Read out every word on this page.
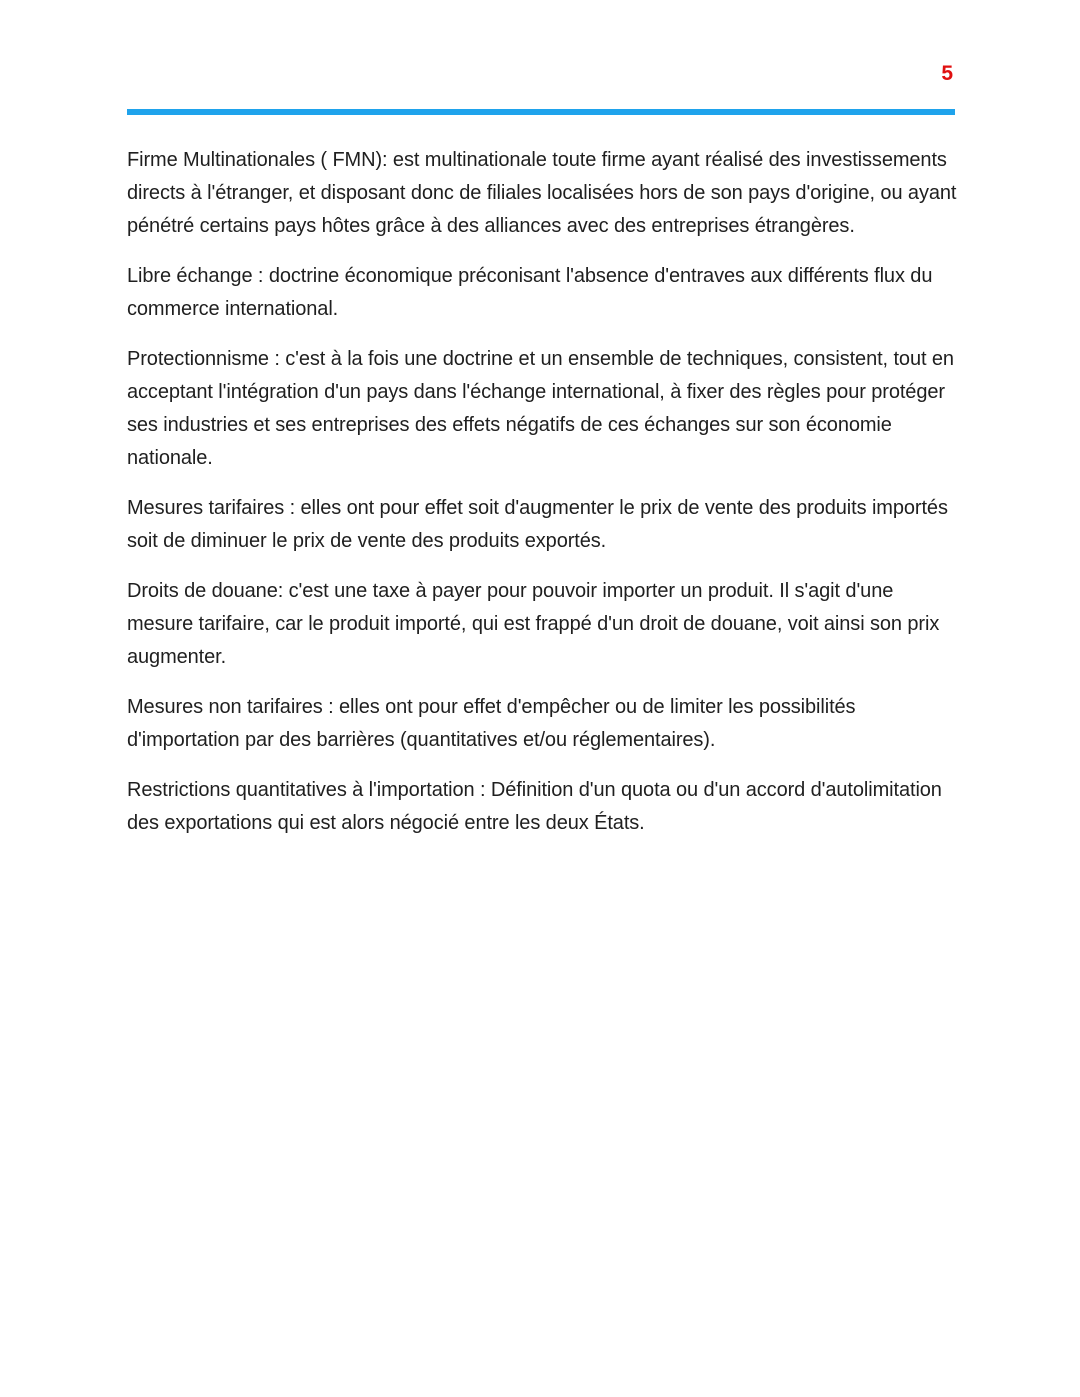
5

Firme Multinationales ( FMN): est multinationale toute firme ayant réalisé des investissements directs à l'étranger, et disposant donc de filiales localisées hors de son pays d'origine, ou ayant pénétré certains pays hôtes grâce à des alliances avec des entreprises étrangères.

Libre échange : doctrine économique préconisant l'absence d'entraves aux différents flux du commerce international.

Protectionnisme : c'est à la fois une doctrine et un ensemble de techniques, consistent, tout en acceptant l'intégration d'un pays dans l'échange international, à fixer des règles pour protéger ses industries et ses entreprises des effets négatifs de ces échanges sur son économie nationale.

Mesures tarifaires : elles ont pour effet soit d'augmenter le prix de vente des produits importés soit de diminuer le prix de vente des produits exportés.

Droits de douane: c'est une taxe à payer pour pouvoir importer un produit. Il s'agit d'une mesure tarifaire, car le produit importé, qui est frappé d'un droit de douane, voit ainsi son prix augmenter.

Mesures non tarifaires : elles ont pour effet d'empêcher ou de limiter les possibilités d'importation par des barrières (quantitatives et/ou réglementaires).

Restrictions quantitatives à l'importation : Définition d'un quota ou d'un accord d'autolimitation des exportations qui est alors négocié entre les deux États.
